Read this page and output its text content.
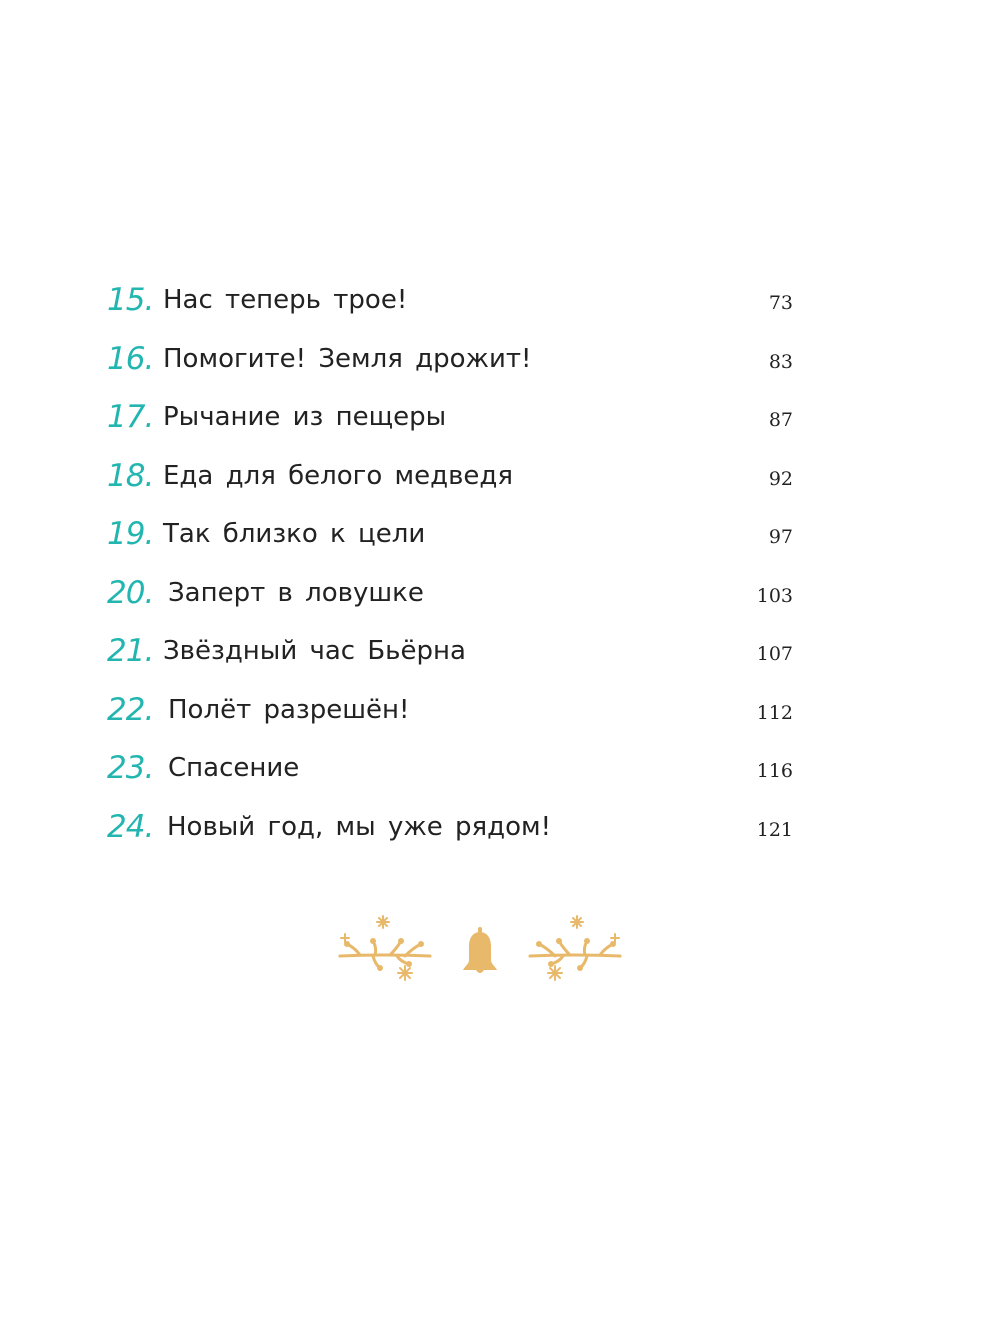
15. Нас теперь трое!	73
16. Помогите! Земля дрожит!	83
17. Рычание из пещеры	87
18. Еда для белого медведя	92
19. Так близко к цели	97
20. Заперт в ловушке	103
21. Звёздный час Бьёрна	107
22. Полёт разрешён!	112
23. Спасение	116
24. Новый год, мы уже рядом!	121
